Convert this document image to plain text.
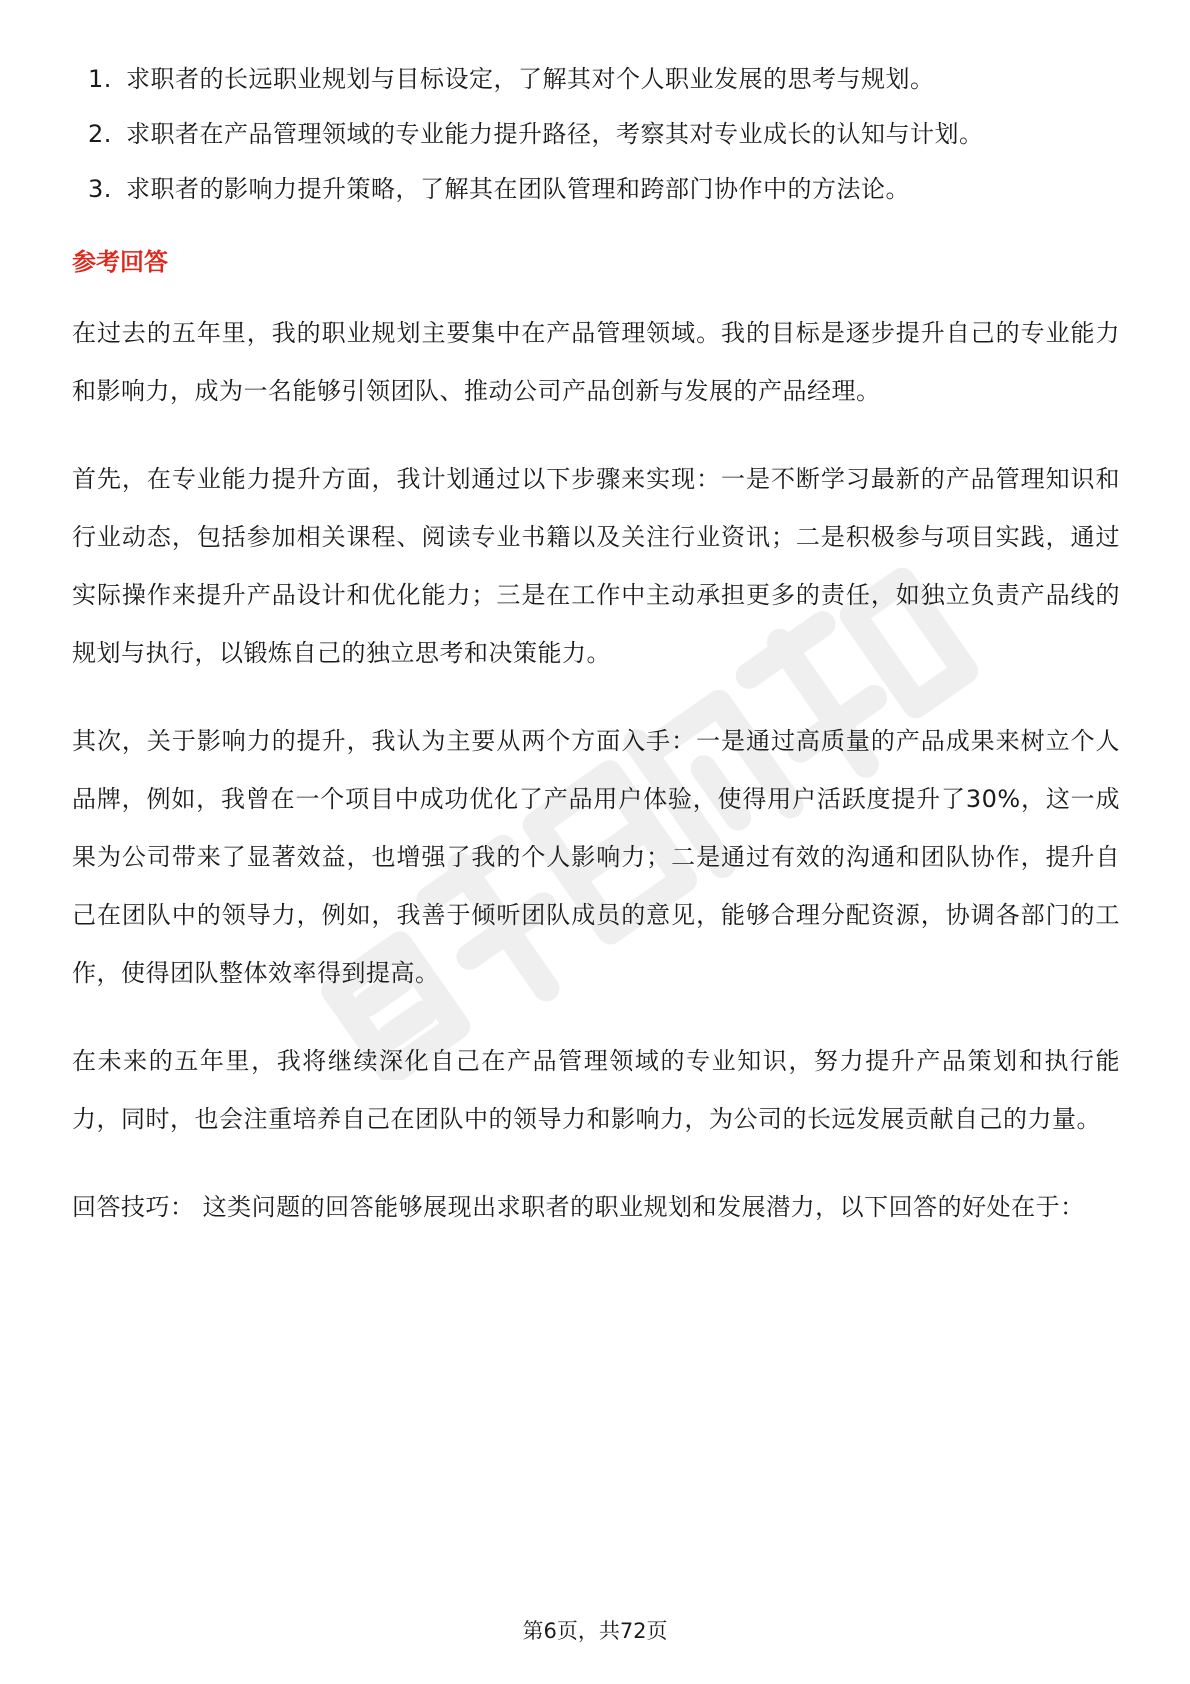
1. 求职者的长远职业规划与目标设定，了解其对个人职业发展的思考与规划。
2. 求职者在产品管理领域的专业能力提升路径，考察其对专业成长的认知与计划。
3. 求职者的影响力提升策略，了解其在团队管理和跨部门协作中的方法论。
参考回答

在过去的五年里，我的职业规划主要集中在产品管理领域。我的目标是逐步提升自己的专业能力和影响力，成为一名能够引领团队、推动公司产品创新与发展的产品经理。

首先，在专业能力提升方面，我计划通过以下步骤来实现：一是不断学习最新的产品管理知识和行业动态，包括参加相关课程、阅读专业书籍以及关注行业资讯；二是积极参与项目实践，通过实际操作来提升产品设计和优化能力；三是在工作中主动承担更多的责任，如独立负责产品线的规划与执行，以锻炼自己的独立思考和决策能力。

其次，关于影响力的提升，我认为主要从两个方面入手：一是通过高质量的产品成果来树立个人品牌，例如，我曾在一个项目中成功优化了产品用户体验，使得用户活跃度提升了30%，这一成果为公司带来了显著效益，也增强了我的个人影响力；二是通过有效的沟通和团队协作，提升自己在团队中的领导力，例如，我善于倾听团队成员的意见，能够合理分配资源，协调各部门的工作，使得团队整体效率得到提高。

在未来的五年里，我将继续深化自己在产品管理领域的专业知识，努力提升产品策划和执行能力，同时，也会注重培养自己在团队中的领导力和影响力，为公司的长远发展贡献自己的力量。

回答技巧： 这类问题的回答能够展现出求职者的职业规划和发展潜力，以下回答的好处在于：

第6页，共72页
